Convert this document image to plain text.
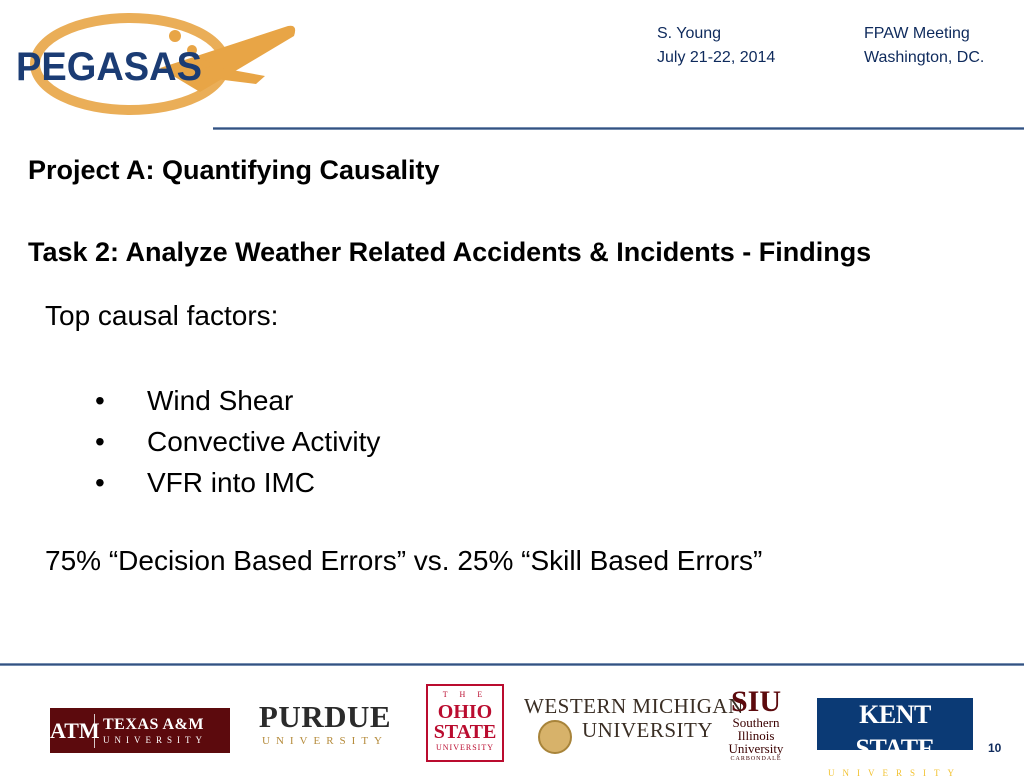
PEGASAS
S. Young
July 21-22, 2014
FPAW Meeting
Washington, DC.
Project A: Quantifying Causality
Task 2: Analyze Weather Related Accidents & Incidents - Findings
Top causal factors:
• Wind Shear
• Convective Activity
• VFR into IMC
75% “Decision Based Errors” vs. 25% “Skill Based Errors”
ATM TEXAS A&M
UNIVERSITY
PURDUE
UNIVERSITY
T H E
OHIO
STATE
UNIVERSITY
WESTERN MICHIGAN
UNIVERSITY
SIU
Southern
Illinois
University
CARBONDALE
KENT STATE
UNIVERSITY
10
